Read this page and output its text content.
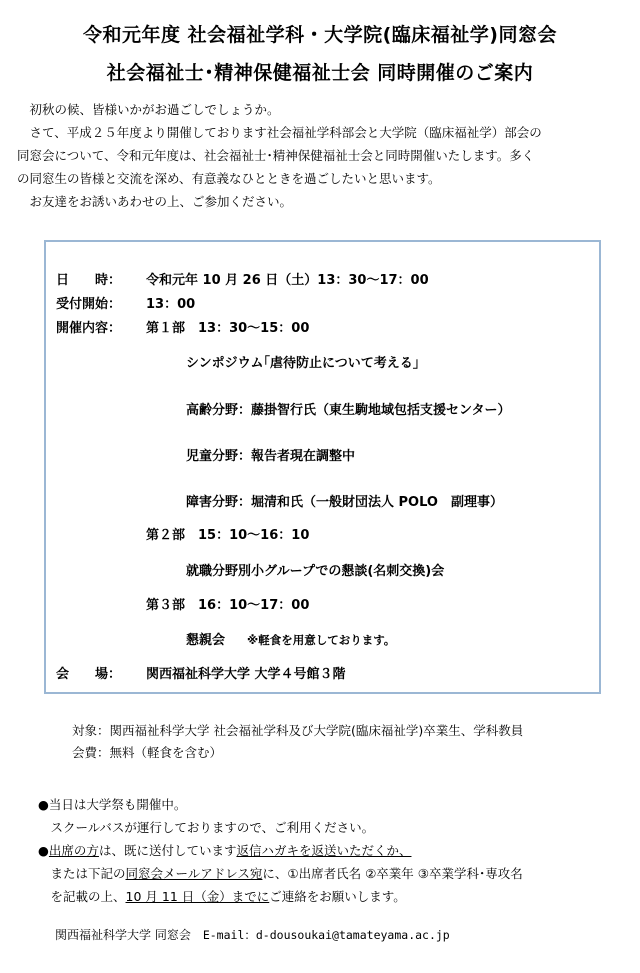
令和元年度 社会福祉学科・大学院(臨床福祉学)同窓会
社会福祉士･精神保健福祉士会 同時開催のご案内

　初秋の候、皆様いかがお過ごしでしょうか。

　さて、平成２５年度より開催しております社会福祉学科部会と大学院（臨床福祉学）部会の

同窓会について、令和元年度は、社会福祉士･精神保健福祉士会と同時開催いたします。多く

の同窓生の皆様と交流を深め、有意義なひとときを過ごしたいと思います。

　お友達をお誘いあわせの上、ご参加ください。

日　　時： 令和元年 10 月 26 日（土）13：30〜17：00
受付開始： 13：00
開催内容： 第１部　13：30〜15：00
シンポジウム｢虐待防止について考える｣
高齢分野：藤掛智行氏（東生駒地域包括支援センター）
児童分野：報告者現在調整中
障害分野：堀清和氏（一般財団法人 POLO　副理事）
第２部　15：10〜16：10
就職分野別小グループでの懇談(名刺交換)会
第３部　16：10〜17：00
懇親会 ※軽食を用意しております。
会　　場： 関西福祉科学大学 大学４号館３階

対象：関西福祉科学大学 社会福祉学科及び大学院(臨床福祉学)卒業生、学科教員

会費：無料（軽食を含む）

●当日は大学祭も開催中。

　スクールバスが運行しておりますので、ご利用ください。

●出席の方は、既に送付しています返信ハガキを返送いただくか、

　または下記の同窓会メールアドレス宛に、①出席者氏名 ②卒業年 ③卒業学科･専攻名

　を記載の上、10 月 11 日（金）までにご連絡をお願いします。

関西福祉科学大学 同窓会　E-mail：d-dousoukai@tamateyama.ac.jp
